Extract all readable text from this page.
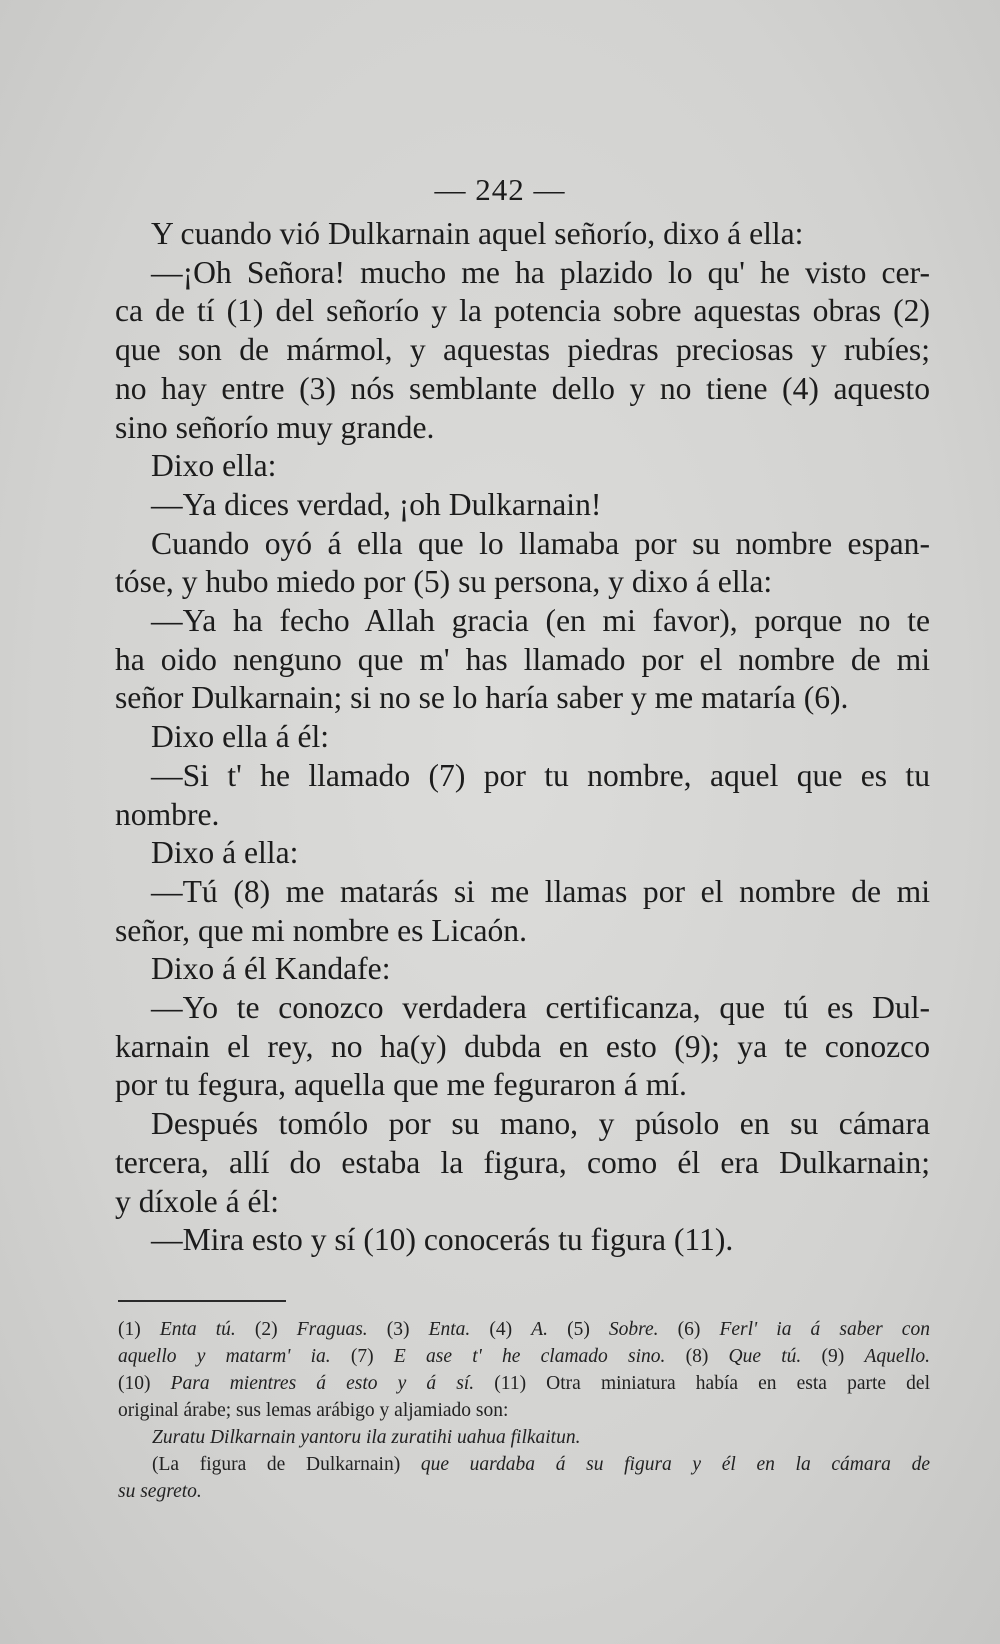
— 242 —
Y cuando vió Dulkarnain aquel señorío, dixo á ella:
—¡Oh Señora! mucho me ha plazido lo qu' he visto cer-
ca de tí (1) del señorío y la potencia sobre aquestas obras (2)
que son de mármol, y aquestas piedras preciosas y rubíes;
no hay entre (3) nós semblante dello y no tiene (4) aquesto
sino señorío muy grande.
Dixo ella:
—Ya dices verdad, ¡oh Dulkarnain!
Cuando oyó á ella que lo llamaba por su nombre espan-
tóse, y hubo miedo por (5) su persona, y dixo á ella:
—Ya ha fecho Allah gracia (en mi favor), porque no te
ha oido nenguno que m' has llamado por el nombre de mi
señor Dulkarnain; si no se lo haría saber y me mataría (6).
Dixo ella á él:
—Si t' he llamado (7) por tu nombre, aquel que es tu
nombre.
Dixo á ella:
—Tú (8) me matarás si me llamas por el nombre de mi
señor, que mi nombre es Licaón.
Dixo á él Kandafe:
—Yo te conozco verdadera certificanza, que tú es Dul-
karnain el rey, no ha(y) dubda en esto (9); ya te conozco
por tu fegura, aquella que me feguraron á mí.
Después tomólo por su mano, y púsolo en su cámara
tercera, allí do estaba la figura, como él era Dulkarnain;
y díxole á él:
—Mira esto y sí (10) conocerás tu figura (11).
(1) Enta tú. (2) Fraguas. (3) Enta. (4) A. (5) Sobre. (6) Ferl' ia á saber con
aquello y matarm' ia. (7) E ase t' he clamado sino. (8) Que tú. (9) Aquello.
(10) Para mientres á esto y á sí. (11) Otra miniatura había en esta parte del
original árabe; sus lemas arábigo y aljamiado son:
Zuratu Dilkarnain yantoru ila zuratihi uahua filkaitun.
(La figura de Dulkarnain) que uardaba á su figura y él en la cámara de
su segreto.
